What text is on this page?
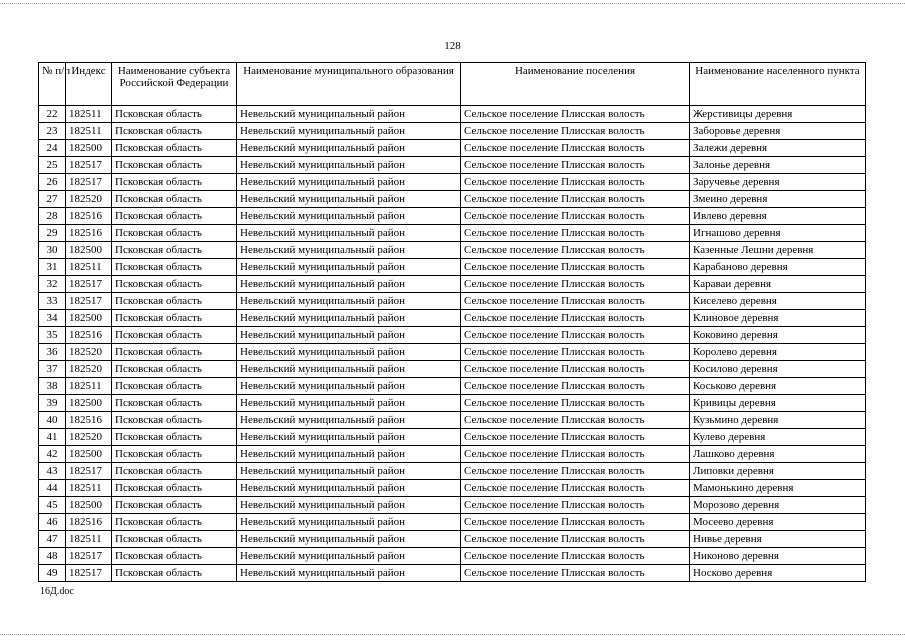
128
№ п/п	Индекс	Наименование субъекта Российской Федерации	Наименование муниципального образования	Наименование поселения	Наименование населенного пункта
22	182511	Псковская область	Невельский муниципальный район	Сельское поселение Плисская волость	Жерстивицы деревня
23	182511	Псковская область	Невельский муниципальный район	Сельское поселение Плисская волость	Заборовье деревня
24	182500	Псковская область	Невельский муниципальный район	Сельское поселение Плисская волость	Залежи деревня
25	182517	Псковская область	Невельский муниципальный район	Сельское поселение Плисская волость	Залонье деревня
26	182517	Псковская область	Невельский муниципальный район	Сельское поселение Плисская волость	Заручевье деревня
27	182520	Псковская область	Невельский муниципальный район	Сельское поселение Плисская волость	Змеино деревня
28	182516	Псковская область	Невельский муниципальный район	Сельское поселение Плисская волость	Ивлево деревня
29	182516	Псковская область	Невельский муниципальный район	Сельское поселение Плисская волость	Игнашово деревня
30	182500	Псковская область	Невельский муниципальный район	Сельское поселение Плисская волость	Казенные Лешни деревня
31	182511	Псковская область	Невельский муниципальный район	Сельское поселение Плисская волость	Карабаново деревня
32	182517	Псковская область	Невельский муниципальный район	Сельское поселение Плисская волость	Караваи деревня
33	182517	Псковская область	Невельский муниципальный район	Сельское поселение Плисская волость	Киселево деревня
34	182500	Псковская область	Невельский муниципальный район	Сельское поселение Плисская волость	Клиновое деревня
35	182516	Псковская область	Невельский муниципальный район	Сельское поселение Плисская волость	Коковино деревня
36	182520	Псковская область	Невельский муниципальный район	Сельское поселение Плисская волость	Королево деревня
37	182520	Псковская область	Невельский муниципальный район	Сельское поселение Плисская волость	Косилово деревня
38	182511	Псковская область	Невельский муниципальный район	Сельское поселение Плисская волость	Коськово деревня
39	182500	Псковская область	Невельский муниципальный район	Сельское поселение Плисская волость	Кривицы деревня
40	182516	Псковская область	Невельский муниципальный район	Сельское поселение Плисская волость	Кузьмино деревня
41	182520	Псковская область	Невельский муниципальный район	Сельское поселение Плисская волость	Кулево деревня
42	182500	Псковская область	Невельский муниципальный район	Сельское поселение Плисская волость	Лашково деревня
43	182517	Псковская область	Невельский муниципальный район	Сельское поселение Плисская волость	Липовки деревня
44	182511	Псковская область	Невельский муниципальный район	Сельское поселение Плисская волость	Мамонькино деревня
45	182500	Псковская область	Невельский муниципальный район	Сельское поселение Плисская волость	Морозово деревня
46	182516	Псковская область	Невельский муниципальный район	Сельское поселение Плисская волость	Мосеево деревня
47	182511	Псковская область	Невельский муниципальный район	Сельское поселение Плисская волость	Нивье деревня
48	182517	Псковская область	Невельский муниципальный район	Сельское поселение Плисская волость	Никоново деревня
49	182517	Псковская область	Невельский муниципальный район	Сельское поселение Плисская волость	Носково деревня
16Д.doc
